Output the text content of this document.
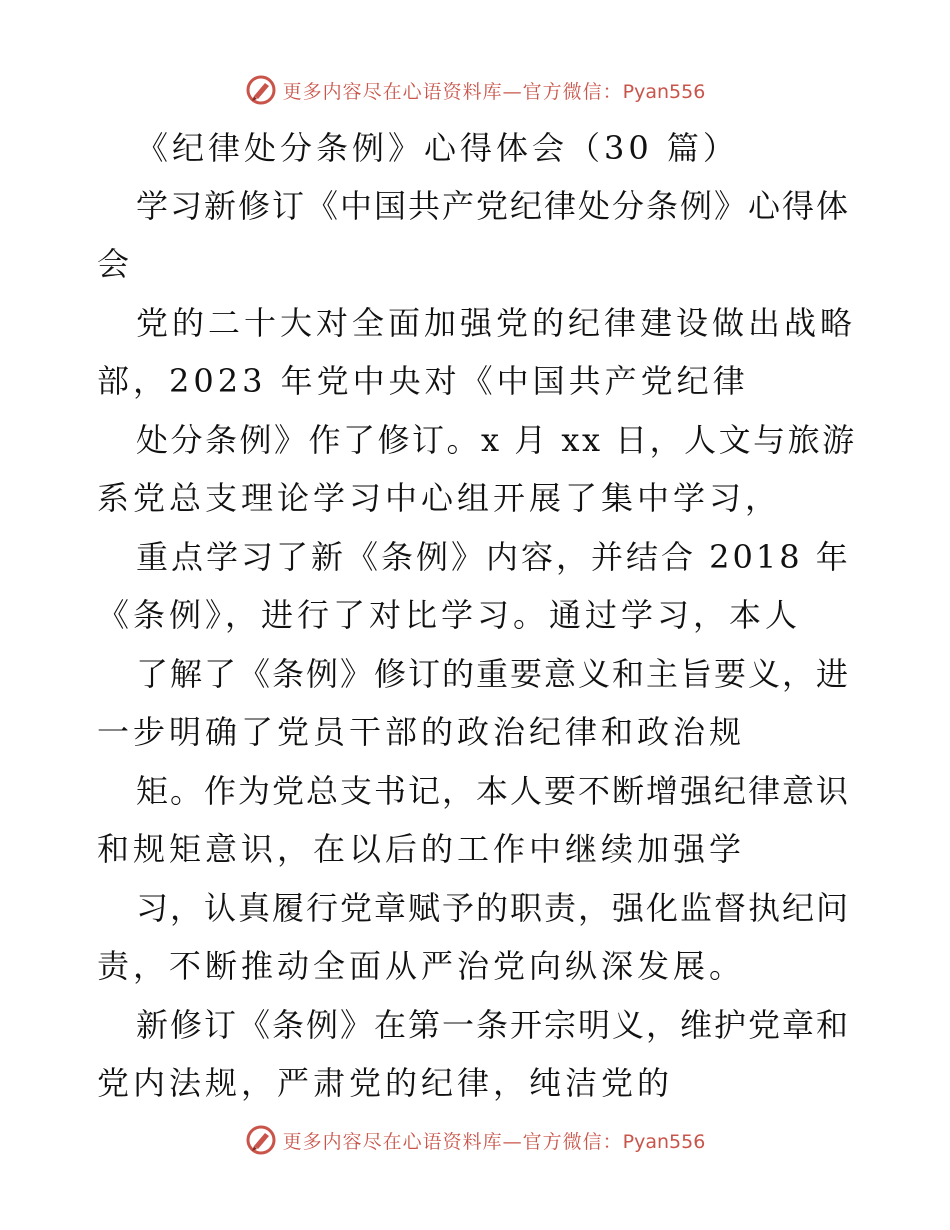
更多内容尽在心语资料库—官方微信：Pyan556
《纪律处分条例》心得体会（30 篇）
学习新修订《中国共产党纪律处分条例》心得体
会
党的二十大对全面加强党的纪律建设做出战略
部，2023 年党中央对《中国共产党纪律
处分条例》作了修订。x 月 xx 日，人文与旅游
系党总支理论学习中心组开展了集中学习，
重点学习了新《条例》内容，并结合 2018 年
《条例》，进行了对比学习。通过学习，本人
了解了《条例》修订的重要意义和主旨要义，进
一步明确了党员干部的政治纪律和政治规
矩。作为党总支书记，本人要不断增强纪律意识
和规矩意识，在以后的工作中继续加强学
习，认真履行党章赋予的职责，强化监督执纪问
责，不断推动全面从严治党向纵深发展。
新修订《条例》在第一条开宗明义，维护党章和
党内法规，严肃党的纪律，纯洁党的
更多内容尽在心语资料库—官方微信：Pyan556
